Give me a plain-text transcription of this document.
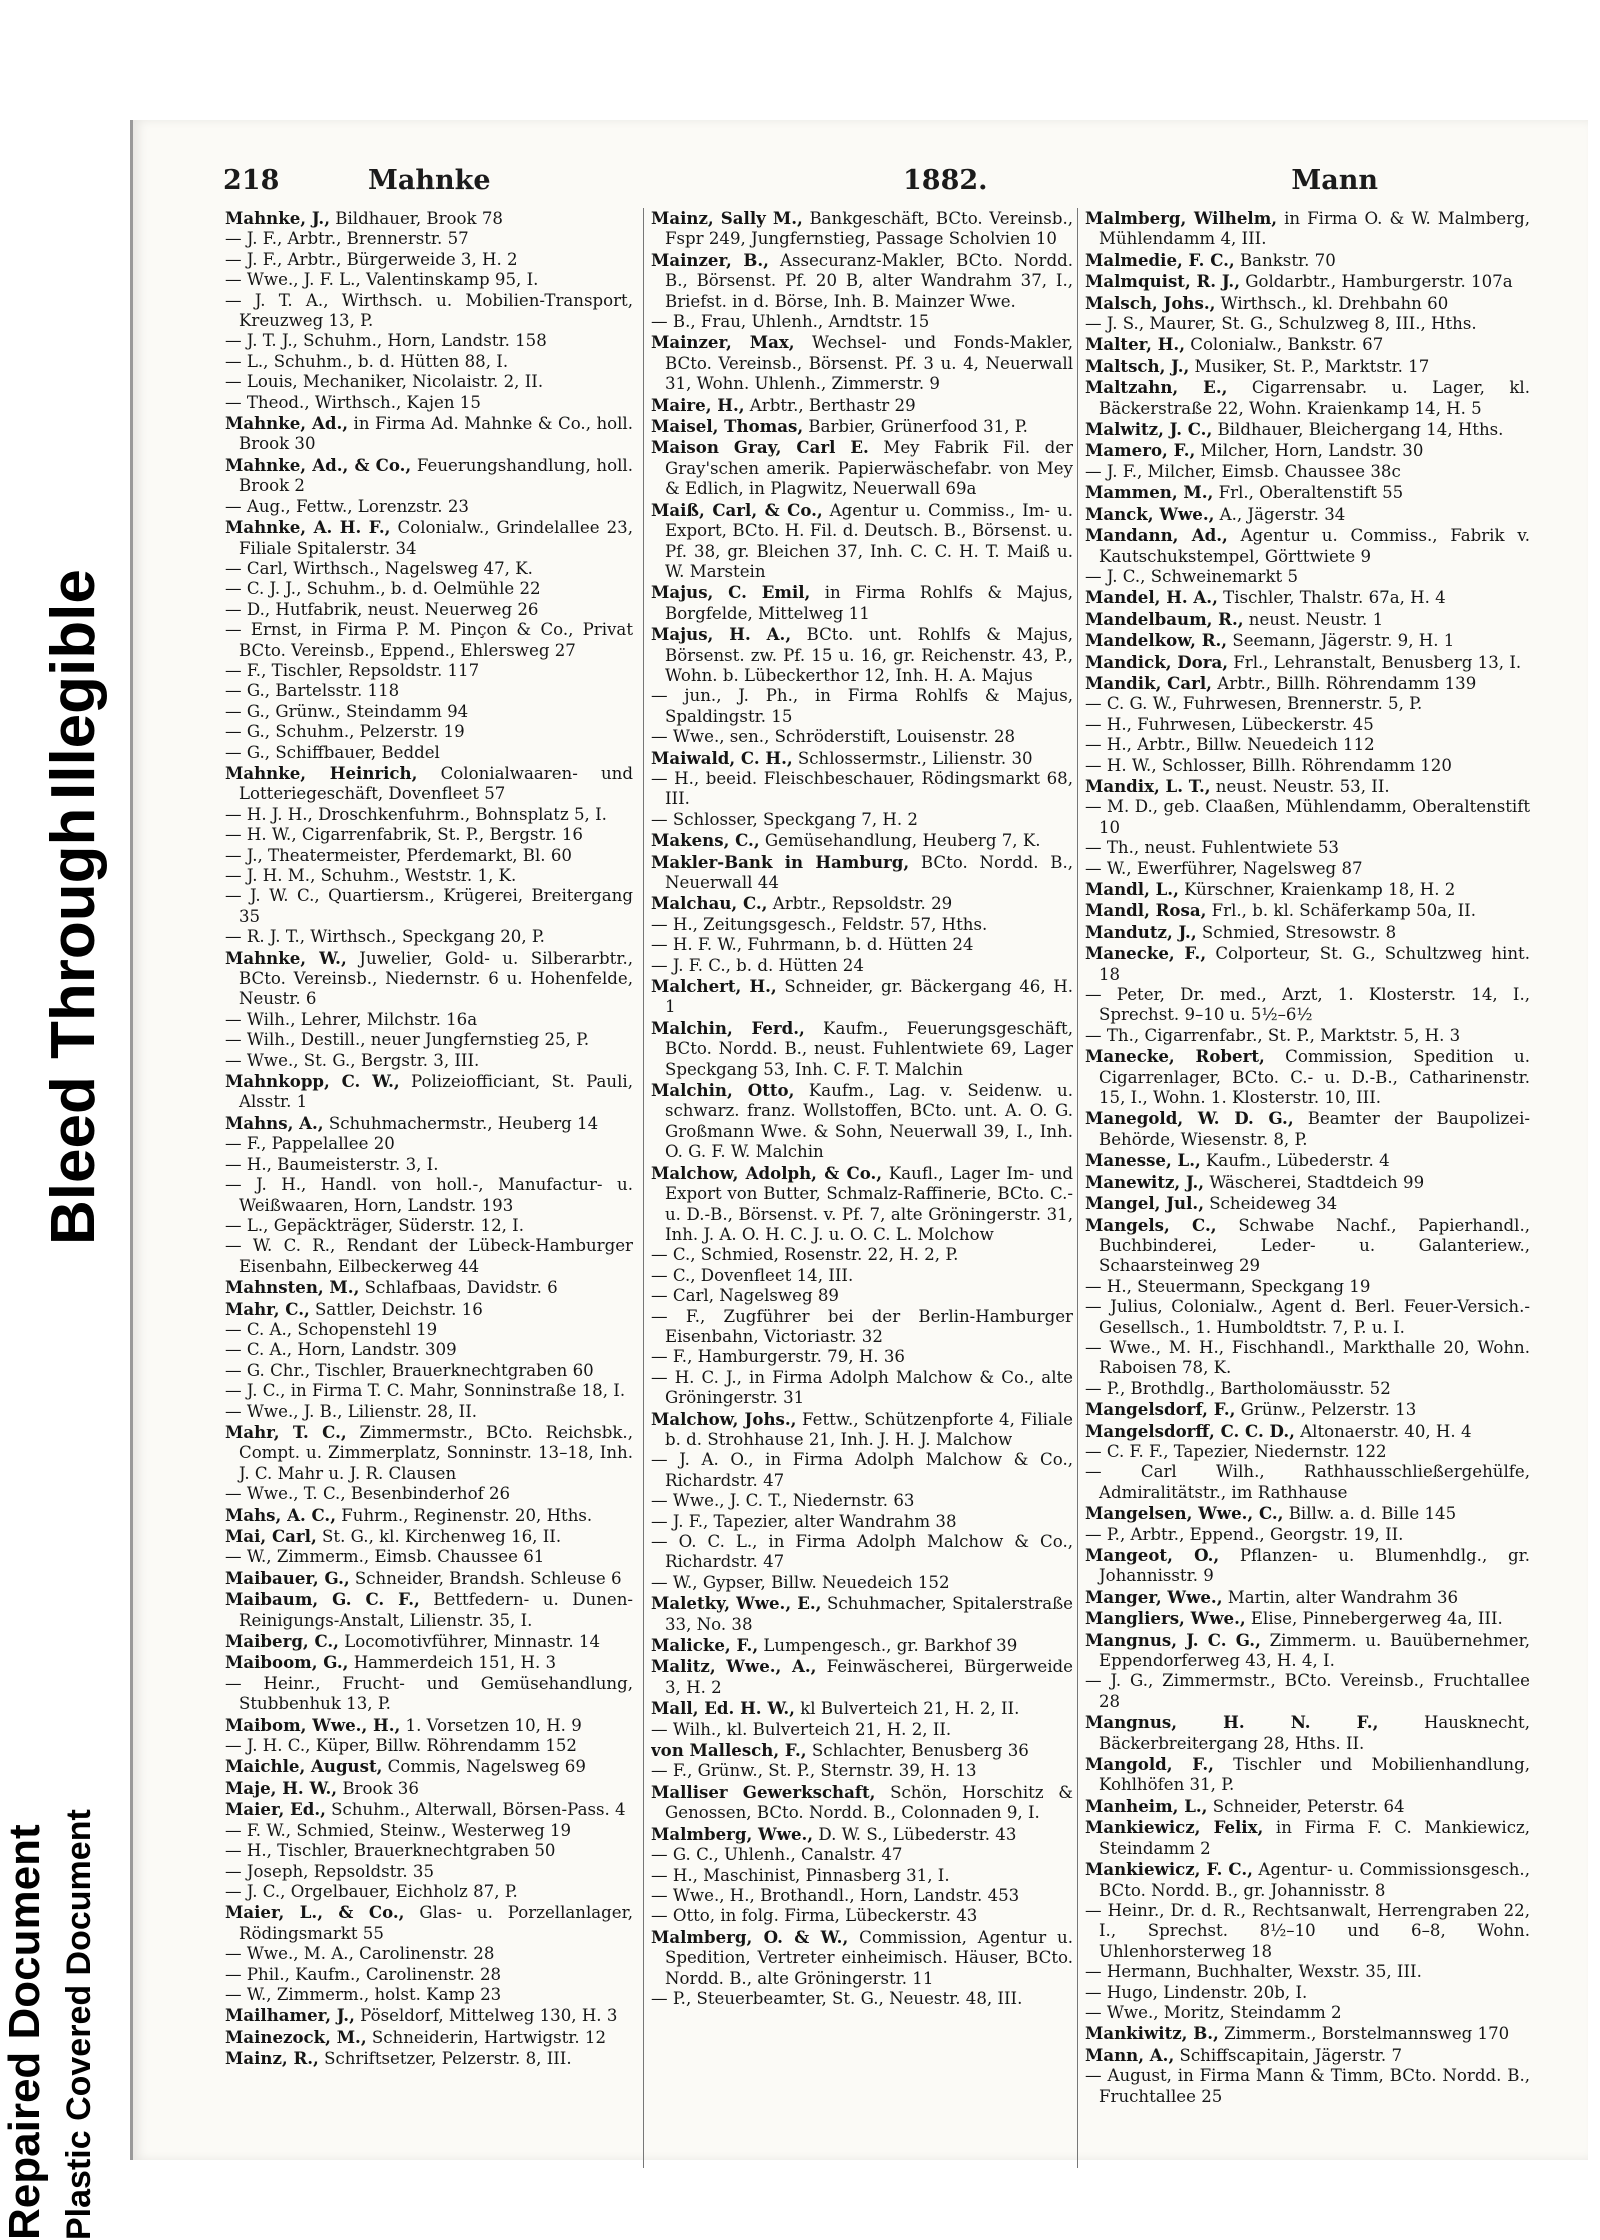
Repaired Document Plastic Covered Document
Bleed Through
Illegible
218	Mahnke	1882.	Mann

Mahnke, J., Bildhauer, Brook 78

— J. F., Arbtr., Brennerstr. 57

— J. F., Arbtr., Bürgerweide 3, H. 2

— Wwe., J. F. L., Valentinskamp 95, I.

— J. T. A., Wirthsch. u. Mobilien-Transport, Kreuzweg 13, P.

— J. T. J., Schuhm., Horn, Landstr. 158

— L., Schuhm., b. d. Hütten 88, I.

— Louis, Mechaniker, Nicolaistr. 2, II.

— Theod., Wirthsch., Kajen 15

Mahnke, Ad., in Firma Ad. Mahnke & Co., holl. Brook 30

Mahnke, Ad., & Co., Feuerungshandlung, holl. Brook 2

— Aug., Fettw., Lorenzstr. 23

Mahnke, A. H. F., Colonialw., Grindelallee 23, Filiale Spitalerstr. 34

— Carl, Wirthsch., Nagelsweg 47, K.

— C. J. J., Schuhm., b. d. Oelmühle 22

— D., Hutfabrik, neust. Neuerweg 26

— Ernst, in Firma P. M. Pinçon & Co., Privat BCto. Vereinsb., Eppend., Ehlersweg 27

— F., Tischler, Repsoldstr. 117

— G., Bartelsstr. 118

— G., Grünw., Steindamm 94

— G., Schuhm., Pelzerstr. 19

— G., Schiffbauer, Beddel

Mahnke, Heinrich, Colonialwaaren- und Lotteriegeschäft, Dovenfleet 57

— H. J. H., Droschkenfuhrm., Bohnsplatz 5, I.

— H. W., Cigarrenfabrik, St. P., Bergstr. 16

— J., Theatermeister, Pferdemarkt, Bl. 60

— J. H. M., Schuhm., Weststr. 1, K.

— J. W. C., Quartiersm., Krügerei, Breitergang 35

— R. J. T., Wirthsch., Speckgang 20, P.

Mahnke, W., Juwelier, Gold- u. Silberarbtr., BCto. Vereinsb., Niedernstr. 6 u. Hohenfelde, Neustr. 6

— Wilh., Lehrer, Milchstr. 16a

— Wilh., Destill., neuer Jungfernstieg 25, P.

— Wwe., St. G., Bergstr. 3, III.

Mahnkopp, C. W., Polizeiofficiant, St. Pauli, Alsstr. 1

Mahns, A., Schuhmachermstr., Heuberg 14

— F., Pappelallee 20

— H., Baumeisterstr. 3, I.

— J. H., Handl. von holl.-, Manufactur- u. Weißwaaren, Horn, Landstr. 193

— L., Gepäckträger, Süderstr. 12, I.

— W. C. R., Rendant der Lübeck-Hamburger Eisenbahn, Eilbeckerweg 44

Mahnsten, M., Schlafbaas, Davidstr. 6

Mahr, C., Sattler, Deichstr. 16

— C. A., Schopenstehl 19

— C. A., Horn, Landstr. 309

— G. Chr., Tischler, Brauerknechtgraben 60

— J. C., in Firma T. C. Mahr, Sonninstraße 18, I.

— Wwe., J. B., Lilienstr. 28, II.

Mahr, T. C., Zimmermstr., BCto. Reichsbk., Compt. u. Zimmerplatz, Sonninstr. 13–18, Inh. J. C. Mahr u. J. R. Clausen

— Wwe., T. C., Besenbinderhof 26

Mahs, A. C., Fuhrm., Reginenstr. 20, Hths.

Mai, Carl, St. G., kl. Kirchenweg 16, II.

— W., Zimmerm., Eimsb. Chaussee 61

Maibauer, G., Schneider, Brandsh. Schleuse 6

Maibaum, G. C. F., Bettfedern- u. Dunen-Reinigungs-Anstalt, Lilienstr. 35, I.

Maiberg, C., Locomotivführer, Minnastr. 14

Maiboom, G., Hammerdeich 151, H. 3

— Heinr., Frucht- und Gemüsehandlung, Stubbenhuk 13, P.

Maibom, Wwe., H., 1. Vorsetzen 10, H. 9

— J. H. C., Küper, Billw. Röhrendamm 152

Maichle, August, Commis, Nagelsweg 69

Maje, H. W., Brook 36

Maier, Ed., Schuhm., Alterwall, Börsen-Pass. 4

— F. W., Schmied, Steinw., Westerweg 19

— H., Tischler, Brauerknechtgraben 50

— Joseph, Repsoldstr. 35

— J. C., Orgelbauer, Eichholz 87, P.

Maier, L., & Co., Glas- u. Porzellanlager, Rödingsmarkt 55

— Wwe., M. A., Carolinenstr. 28

— Phil., Kaufm., Carolinenstr. 28

— W., Zimmerm., holst. Kamp 23

Mailhamer, J., Pöseldorf, Mittelweg 130, H. 3

Mainezock, M., Schneiderin, Hartwigstr. 12

Mainz, R., Schriftsetzer, Pelzerstr. 8, III.

Mainz, Sally M., Bankgeschäft, BCto. Vereinsb., Fspr 249, Jungfernstieg, Passage Scholvien 10

Mainzer, B., Assecuranz-Makler, BCto. Nordd. B., Börsenst. Pf. 20 B, alter Wandrahm 37, I., Briefst. in d. Börse, Inh. B. Mainzer Wwe.

— B., Frau, Uhlenh., Arndtstr. 15

Mainzer, Max, Wechsel- und Fonds-Makler, BCto. Vereinsb., Börsenst. Pf. 3 u. 4, Neuerwall 31, Wohn. Uhlenh., Zimmerstr. 9

Maire, H., Arbtr., Berthastr 29

Maisel, Thomas, Barbier, Grünerfood 31, P.

Maison Gray, Carl E. Mey Fabrik Fil. der Gray'schen amerik. Papierwäschefabr. von Mey & Edlich, in Plagwitz, Neuerwall 69a

Maiß, Carl, & Co., Agentur u. Commiss., Im- u. Export, BCto. H. Fil. d. Deutsch. B., Börsenst. u. Pf. 38, gr. Bleichen 37, Inh. C. C. H. T. Maiß u. W. Marstein

Majus, C. Emil, in Firma Rohlfs & Majus, Borgfelde, Mittelweg 11

Majus, H. A., BCto. unt. Rohlfs & Majus, Börsenst. zw. Pf. 15 u. 16, gr. Reichenstr. 43, P., Wohn. b. Lübeckerthor 12, Inh. H. A. Majus

— jun., J. Ph., in Firma Rohlfs & Majus, Spaldingstr. 15

— Wwe., sen., Schröderstift, Louisenstr. 28

Maiwald, C. H., Schlossermstr., Lilienstr. 30

— H., beeid. Fleischbeschauer, Rödingsmarkt 68, III.

— Schlosser, Speckgang 7, H. 2

Makens, C., Gemüsehandlung, Heuberg 7, K.

Makler-Bank in Hamburg, BCto. Nordd. B., Neuerwall 44

Malchau, C., Arbtr., Repsoldstr. 29

— H., Zeitungsgesch., Feldstr. 57, Hths.

— H. F. W., Fuhrmann, b. d. Hütten 24

— J. F. C., b. d. Hütten 24

Malchert, H., Schneider, gr. Bäckergang 46, H. 1

Malchin, Ferd., Kaufm., Feuerungsgeschäft, BCto. Nordd. B., neust. Fuhlentwiete 69, Lager Speckgang 53, Inh. C. F. T. Malchin

Malchin, Otto, Kaufm., Lag. v. Seidenw. u. schwarz. franz. Wollstoffen, BCto. unt. A. O. G. Großmann Wwe. & Sohn, Neuerwall 39, I., Inh. O. G. F. W. Malchin

Malchow, Adolph, & Co., Kaufl., Lager Im- und Export von Butter, Schmalz-Raffinerie, BCto. C.- u. D.-B., Börsenst. v. Pf. 7, alte Gröningerstr. 31, Inh. J. A. O. H. C. J. u. O. C. L. Molchow

— C., Schmied, Rosenstr. 22, H. 2, P.

— C., Dovenfleet 14, III.

— Carl, Nagelsweg 89

— F., Zugführer bei der Berlin-Hamburger Eisenbahn, Victoriastr. 32

— F., Hamburgerstr. 79, H. 36

— H. C. J., in Firma Adolph Malchow & Co., alte Gröningerstr. 31

Malchow, Johs., Fettw., Schützenpforte 4, Filiale b. d. Strohhause 21, Inh. J. H. J. Malchow

— J. A. O., in Firma Adolph Malchow & Co., Richardstr. 47

— Wwe., J. C. T., Niedernstr. 63

— J. F., Tapezier, alter Wandrahm 38

— O. C. L., in Firma Adolph Malchow & Co., Richardstr. 47

— W., Gypser, Billw. Neuedeich 152

Maletky, Wwe., E., Schuhmacher, Spitalerstraße 33, No. 38

Malicke, F., Lumpengesch., gr. Barkhof 39

Malitz, Wwe., A., Feinwäscherei, Bürgerweide 3, H. 2

Mall, Ed. H. W., kl Bulverteich 21, H. 2, II.

— Wilh., kl. Bulverteich 21, H. 2, II.

von Mallesch, F., Schlachter, Benusberg 36

— F., Grünw., St. P., Sternstr. 39, H. 13

Malliser Gewerkschaft, Schön, Horschitz & Genossen, BCto. Nordd. B., Colonnaden 9, I.

Malmberg, Wwe., D. W. S., Lübederstr. 43

— G. C., Uhlenh., Canalstr. 47

— H., Maschinist, Pinnasberg 31, I.

— Wwe., H., Brothandl., Horn, Landstr. 453

— Otto, in folg. Firma, Lübeckerstr. 43

Malmberg, O. & W., Commission, Agentur u. Spedition, Vertreter einheimisch. Häuser, BCto. Nordd. B., alte Gröningerstr. 11

— P., Steuerbeamter, St. G., Neuestr. 48, III.

Malmberg, Wilhelm, in Firma O. & W. Malmberg, Mühlendamm 4, III.

Malmedie, F. C., Bankstr. 70

Malmquist, R. J., Goldarbtr., Hamburgerstr. 107a

Malsch, Johs., Wirthsch., kl. Drehbahn 60

— J. S., Maurer, St. G., Schulzweg 8, III., Hths.

Malter, H., Colonialw., Bankstr. 67

Maltsch, J., Musiker, St. P., Marktstr. 17

Maltzahn, E., Cigarrensabr. u. Lager, kl. Bäckerstraße 22, Wohn. Kraienkamp 14, H. 5

Malwitz, J. C., Bildhauer, Bleichergang 14, Hths.

Mamero, F., Milcher, Horn, Landstr. 30

— J. F., Milcher, Eimsb. Chaussee 38c

Mammen, M., Frl., Oberaltenstift 55

Manck, Wwe., A., Jägerstr. 34

Mandann, Ad., Agentur u. Commiss., Fabrik v. Kautschukstempel, Görttwiete 9

— J. C., Schweinemarkt 5

Mandel, H. A., Tischler, Thalstr. 67a, H. 4

Mandelbaum, R., neust. Neustr. 1

Mandelkow, R., Seemann, Jägerstr. 9, H. 1

Mandick, Dora, Frl., Lehranstalt, Benusberg 13, I.

Mandik, Carl, Arbtr., Billh. Röhrendamm 139

— C. G. W., Fuhrwesen, Brennerstr. 5, P.

— H., Fuhrwesen, Lübeckerstr. 45

— H., Arbtr., Billw. Neuedeich 112

— H. W., Schlosser, Billh. Röhrendamm 120

Mandix, L. T., neust. Neustr. 53, II.

— M. D., geb. Claaßen, Mühlendamm, Oberaltenstift 10

— Th., neust. Fuhlentwiete 53

— W., Ewerführer, Nagelsweg 87

Mandl, L., Kürschner, Kraienkamp 18, H. 2

Mandl, Rosa, Frl., b. kl. Schäferkamp 50a, II.

Mandutz, J., Schmied, Stresowstr. 8

Manecke, F., Colporteur, St. G., Schultzweg hint. 18

— Peter, Dr. med., Arzt, 1. Klosterstr. 14, I., Sprechst. 9–10 u. 5½–6½

— Th., Cigarrenfabr., St. P., Marktstr. 5, H. 3

Manecke, Robert, Commission, Spedition u. Cigarrenlager, BCto. C.- u. D.-B., Catharinenstr. 15, I., Wohn. 1. Klosterstr. 10, III.

Manegold, W. D. G., Beamter der Baupolizei-Behörde, Wiesenstr. 8, P.

Manesse, L., Kaufm., Lübederstr. 4

Manewitz, J., Wäscherei, Stadtdeich 99

Mangel, Jul., Scheideweg 34

Mangels, C., Schwabe Nachf., Papierhandl., Buchbinderei, Leder- u. Galanteriew., Schaarsteinweg 29

— H., Steuermann, Speckgang 19

— Julius, Colonialw., Agent d. Berl. Feuer-Versich.-Gesellsch., 1. Humboldtstr. 7, P. u. I.

— Wwe., M. H., Fischhandl., Markthalle 20, Wohn. Raboisen 78, K.

— P., Brothdlg., Bartholomäusstr. 52

Mangelsdorf, F., Grünw., Pelzerstr. 13

Mangelsdorff, C. C. D., Altonaerstr. 40, H. 4

— C. F. F., Tapezier, Niedernstr. 122

— Carl Wilh., Rathhausschließergehülfe, Admiralitätstr., im Rathhause

Mangelsen, Wwe., C., Billw. a. d. Bille 145

— P., Arbtr., Eppend., Georgstr. 19, II.

Mangeot, O., Pflanzen- u. Blumenhdlg., gr. Johannisstr. 9

Manger, Wwe., Martin, alter Wandrahm 36

Mangliers, Wwe., Elise, Pinnebergerweg 4a, III.

Mangnus, J. C. G., Zimmerm. u. Bauübernehmer, Eppendorferweg 43, H. 4, I.

— J. G., Zimmermstr., BCto. Vereinsb., Fruchtallee 28

Mangnus, H. N. F., Hausknecht, Bäckerbreitergang 28, Hths. II.

Mangold, F., Tischler und Mobilienhandlung, Kohlhöfen 31, P.

Manheim, L., Schneider, Peterstr. 64

Mankiewicz, Felix, in Firma F. C. Mankiewicz, Steindamm 2

Mankiewicz, F. C., Agentur- u. Commissionsgesch., BCto. Nordd. B., gr. Johannisstr. 8

— Heinr., Dr. d. R., Rechtsanwalt, Herrengraben 22, I., Sprechst. 8½–10 und 6–8, Wohn. Uhlenhorsterweg 18

— Hermann, Buchhalter, Wexstr. 35, III.

— Hugo, Lindenstr. 20b, I.

— Wwe., Moritz, Steindamm 2

Mankiwitz, B., Zimmerm., Borstelmannsweg 170

Mann, A., Schiffscapitain, Jägerstr. 7

— August, in Firma Mann & Timm, BCto. Nordd. B., Fruchtallee 25
